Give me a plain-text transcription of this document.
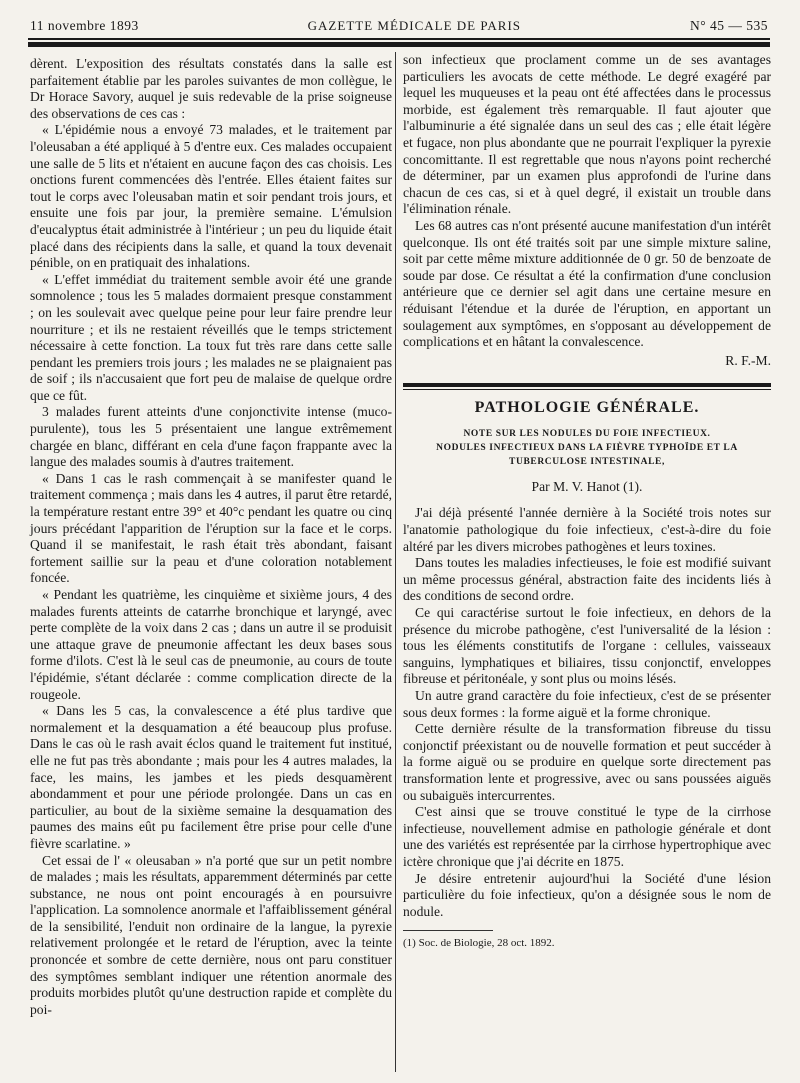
11 novembre 1893	GAZETTE MÉDICALE DE PARIS	N° 45 — 535

dèrent. L'exposition des résultats constatés dans la salle est parfaitement établie par les paroles suivantes de mon collègue, le Dr Horace Savory, auquel je suis redevable de la prise soigneuse des observations de ces cas :

« L'épidémie nous a envoyé 73 malades, et le traitement par l'oleusaban a été appliqué à 5 d'entre eux. Ces malades occupaient une salle de 5 lits et n'étaient en aucune façon des cas choisis. Les onctions furent commencées dès l'entrée. Elles étaient faites sur tout le corps avec l'oleusaban matin et soir pendant trois jours, et ensuite une fois par jour, la première semaine. L'émulsion d'eucalyptus était administrée à l'intérieur ; un peu du liquide était placé dans des récipients dans la salle, et quand la toux devenait pénible, on en pratiquait des inhalations.

« L'effet immédiat du traitement semble avoir été une grande somnolence ; tous les 5 malades dormaient presque constamment ; on les soulevait avec quelque peine pour leur faire prendre leur nourriture ; et ils ne restaient réveillés que le temps strictement nécessaire à cette fonction. La toux fut très rare dans cette salle pendant les premiers trois jours ; les malades ne se plaignaient pas de soif ; ils n'accusaient que fort peu de malaise de quelque ordre que ce fût.

3 malades furent atteints d'une conjonctivite intense (muco-purulente), tous les 5 présentaient une langue extrêmement chargée en blanc, différant en cela d'une façon frappante avec la langue des malades soumis à d'autres traitement.

« Dans 1 cas le rash commençait à se manifester quand le traitement commença ; mais dans les 4 autres, il parut être retardé, la température restant entre 39° et 40°c pendant les quatre ou cinq jours précédant l'apparition de l'éruption sur la face et le corps. Quand il se manifestait, le rash était très abondant, faisant fortement saillie sur la peau et d'une coloration notablement foncée.

« Pendant les quatrième, les cinquième et sixième jours, 4 des malades furents atteints de catarrhe bronchique et laryngé, avec perte complète de la voix dans 2 cas ; dans un autre il se produisit une attaque grave de pneumonie affectant les deux bases sous forme d'ilots. C'est là le seul cas de pneumonie, au cours de toute l'épidémie, s'étant déclarée : comme complication directe de la rougeole.

« Dans les 5 cas, la convalescence a été plus tardive que normalement et la desquamation a été beaucoup plus profuse. Dans le cas où le rash avait éclos quand le traitement fut institué, elle ne fut pas très abondante ; mais pour les 4 autres malades, la face, les mains, les jambes et les pieds desquamèrent abondamment et pour une période prolongée. Dans un cas en particulier, au bout de la sixième semaine la desquamation des paumes des mains eût pu facilement être prise pour celle d'une fièvre scarlatine. »

Cet essai de l' « oleusaban » n'a porté que sur un petit nombre de malades ; mais les résultats, apparemment déterminés par cette substance, ne nous ont point encouragés à en poursuivre l'application. La somnolence anormale et l'affaiblissement général de la sensibilité, l'enduit non ordinaire de la langue, la pyrexie relativement prolongée et le retard de l'éruption, avec la teinte prononcée et sombre de cette dernière, nous ont paru constituer des symptômes semblant indiquer une rétention anormale des produits morbides plutôt qu'une destruction rapide et complète du poi-

son infectieux que proclament comme un de ses avantages particuliers les avocats de cette méthode. Le degré exagéré par lequel les muqueuses et la peau ont été affectées dans le processus morbide, est également très remarquable. Il faut ajouter que l'albuminurie a été signalée dans un seul des cas ; elle était légère et fugace, non plus abondante que ne pourrait l'expliquer la pyrexie concomittante. Il est regrettable que nous n'ayons point recherché de déterminer, par un examen plus approfondi de l'urine dans chacun de ces cas, si et à quel degré, il existait un trouble dans l'élimination rénale.

Les 68 autres cas n'ont présenté aucune manifestation d'un intérêt quelconque. Ils ont été traités soit par une simple mixture saline, soit par cette même mixture additionnée de 0 gr. 50 de benzoate de soude par dose. Ce résultat a été la confirmation d'une conclusion antérieure que ce dernier sel agit dans une certaine mesure en réduisant l'étendue et la durée de l'éruption, en apportant un soulagement aux symptômes, en s'opposant au développement de complications et en hâtant la convalescence.

R. F.-M.

PATHOLOGIE GÉNÉRALE.
NOTE SUR LES NODULES DU FOIE INFECTIEUX.
NODULES INFECTIEUX DANS LA FIÈVRE TYPHOÏDE ET LA TUBERCULOSE INTESTINALE,
Par M. V. Hanot (1).

J'ai déjà présenté l'année dernière à la Société trois notes sur l'anatomie pathologique du foie infectieux, c'est-à-dire du foie altéré par les divers microbes pathogènes et leurs toxines.

Dans toutes les maladies infectieuses, le foie est modifié suivant un même processus général, abstraction faite des incidents liés à des conditions de second ordre.

Ce qui caractérise surtout le foie infectieux, en dehors de la présence du microbe pathogène, c'est l'universalité de la lésion : tous les éléments constitutifs de l'organe : cellules, vaisseaux sanguins, lymphatiques et biliaires, tissu conjonctif, enveloppes fibreuse et péritonéale, y sont plus ou moins lésés.

Un autre grand caractère du foie infectieux, c'est de se présenter sous deux formes : la forme aiguë et la forme chronique.

Cette dernière résulte de la transformation fibreuse du tissu conjonctif préexistant ou de nouvelle formation et peut succéder à la forme aiguë ou se produire en quelque sorte directement pas transformation lente et progressive, avec ou sans poussées aiguës ou subaiguës intercurrentes.

C'est ainsi que se trouve constitué le type de la cirrhose infectieuse, nouvellement admise en pathologie générale et dont une des variétés est représentée par la cirrhose hypertrophique avec ictère chronique que j'ai décrite en 1875.

Je désire entretenir aujourd'hui la Société d'une lésion particulière du foie infectieux, qu'on a désignée sous le nom de nodule.

(1) Soc. de Biologie, 28 oct. 1892.
